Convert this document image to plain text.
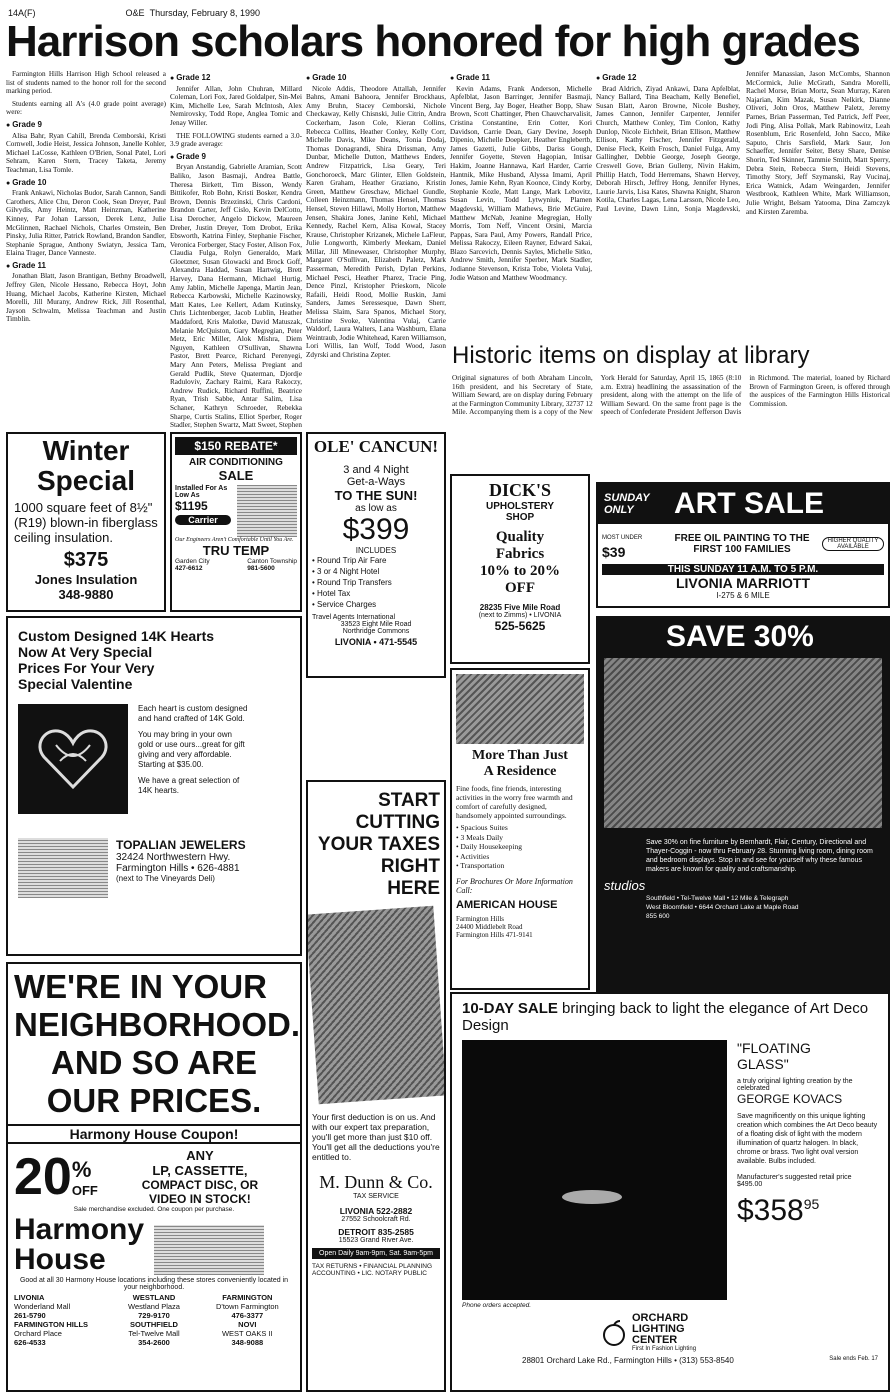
14A(F)	O&E Thursday, February 8, 1990
Harrison scholars honored for high grades

Farmington Hills Harrison High School released a list of students named to the honor roll for the second marking period.

Students earning all A's (4.0 grade point average) were:

● Grade 9

Alisa Bahr, Ryan Cahill, Brenda Cemborski, Kristi Cornwell, Jodie Heist, Jessica Johnson, Janelle Kohler, Michael LaCosse, Kathleen O'Brien, Sonal Patel, Lori Sehram, Karen Stern, Tracey Taketa, Jeremy Teachman, Lisa Tomle.

● Grade 10

Frank Ankawi, Nicholas Budor, Sarah Cannon, Sandi Carothers, Alice Chu, Deron Cook, Sean Dreyer, Paul Gilvydis, Amy Heintz, Matt Heinzman, Katherine Kinney, Par Johan Larsson, Derek Lenz, Julie McGlinnen, Rachael Nichols, Charles Ornstein, Ben Pinsky, Julia Ritter, Patrick Rowland, Brandon Sandler, Stephanie Sprague, Anthony Swiatyn, Jessica Tam, Elaina Trager, Dance Vanneste.

● Grade 11

Jonathan Blatt, Jason Brantigan, Bethny Broadwell, Jeffrey Glen, Nicole Hessano, Rebecca Hoyt, John Huang, Michael Jacobs, Katherine Kirsten, Michael Morelli, Jill Murany, Andrew Rick, Jill Rosenthal, Jayson Schwalm, Melissa Teachman and Justin Timblin.

● Grade 12

Jennifer Allan, John Chuhran, Millard Coleman, Lori Fox, Jared Goldalper, Sin-Mei Kim, Michelle Lee, Sarah McIntosh, Alex Nemirovsky, Todd Rope, Anglea Tomic and Jenay Willer.

THE FOLLOWING students earned a 3.0-3.9 grade average:

● Grade 9

Bryan Anstandig, Gabrielle Aramian, Scott Baliko, Jason Basmaji, Andrea Battle, Theresa Birkett, Tim Bisson, Wendy Bittikofer, Rob Bohn, Kristi Bosker, Kendra Brown, Dennis Brzezinski, Chris Cardoni, Brandon Carter, Jeff Cislo, Kevin DelCotto, Lisa Derocher, Angelo Dickow, Maureen Dreher, Justin Dreyer, Tom Drobot, Erika Ebsworth, Katrina Finley, Stephanie Fischer, Veronica Forberger, Stacy Foster, Alison Fox, Claudia Fulga, Rolyn Generaldo, Mark Gloetzner, Susan Glowacki and Brock Goff, Alexandra Haddad, Susan Hartwig, Brett Harvey, Dana Hermann, Michael Hurtig, Amy Jablin, Michelle Japenga, Martin Jean, Rebecca Karbowski, Michelle Kazinowsky, Matt Kates, Lee Kellert, Adam Kutinsky, Chris Lichtenberger, Jacob Lublin, Heather Maddaford, Kris Malotke, David Matuszak, Melanie McQuiston, Gary Megregian, Peter Metz, Eric Miller, Alok Mishra, Diem Nguyen, Kathleen O'Sullivan, Shawna Pastor, Brett Pearce, Richard Perenyegi, Mary Ann Peters, Melissa Pregiant and Gerald Pudlik, Steve Quaterman, Djordje Raduloviv, Zachary Raimi, Kara Rakoczy, Andrew Rudick, Richard Ruffini, Beatrice Ryan, Trish Sabbe, Antar Salim, Lisa Schaner, Kathryn Schroeder, Rebekka Sharpe, Curtis Stalins, Elliot Sperber, Roger Stadler, Stephen Swartz, Matt Sweet, Stephen

● Grade 10

Nicole Addis, Theodore Attallah, Jennifer Bahns, Amani Bahoora, Jennifer Brockhaus, Amy Bruhn, Stacey Cemborski, Nichole Checkaway, Kelly Chisnski, Julie Citrin, Andra Cockerham, Jason Cole, Kieran Collins, Rebecca Collins, Heather Conley, Kelly Corr, Michelle Davis, Mike Deans, Tonia Dodaj, Thomas Donagrandi, Shira Drissman, Amy Dunbar, Michelle Dutton, Matthews Enders, Andrew Fitzpatrick, Lisa Geary, Teri Gonchoroeck, Marc Glinter, Ellen Goldstein, Karen Graham, Heather Graziano, Kristin Green, Matthew Greschaw, Michael Gundle, Colleen Heinzmann, Thomas Hensel, Thomas Hensel, Steven Hillawi, Molly Horton, Matthew Jensen, Shakira Jones, Janine Kehl, Michael Kennedy, Rachel Kern, Alisa Kowal, Stacey Krause, Christopher Krizanek, Michele LaFleur, Julie Longworth, Kimberly Meekam, Daniel Millar, Jill Mineweaser, Christopher Murphy, Margaret O'Sullivan, Elizabeth Paletz, Mark Passerman, Meredith Perish, Dylan Perkins, Michael Pesci, Heather Pharez, Tracie Ping, Dence Pinzl, Kristopher Prieskorn, Nicole Rafaili, Heidi Rood, Mollie Ruskin, Jami Sanders, James Seressesque, Dawn Sherr, Melissa Slaim, Sara Spanos, Michael Story, Christine Svoke, Valentina Vulaj, Carrie Waldorf, Laura Walters, Lana Washburn, Elana Weintraub, Jodie Whitehead, Karen Williamson, Lori Willis, Ian Wolf, Todd Wood, Jason Zdyrski and Christina Zepter.

● Grade 11

Kevin Adams, Frank Anderson, Michelle Apfelblat, Jason Barringer, Jennifer Basmaji, Vincent Berg, Jay Boger, Heather Bopp, Shaw Brown, Scott Chattinger, Phen Chauvcharvalisit, Cristina Constantine, Erin Cotter, Kori Davidson, Carrie Dean, Gary Devine, Joseph Dipenio, Michelle Doepker, Heather Englebertb, James Gazetti, Julie Gibbs, Dariss Gough, Jennifer Goyette, Steven Hagopian, Intisar Hakim, Joanne Hannawa, Karl Harder, Carrie Hantnik, Mike Husband, Alyssa Imami, April Jones, Jamie Kehn, Ryan Koonce, Cindy Korby, Stephanie Kozle, Matt Lange, Mark Lebovitz, Susan Levin, Todd Lytwyniuk, Plamen Magdevski, William Mathews, Brie McGuire, Matthew McNab, Jeanine Megregian, Holly Morris, Tom Neff, Vincent Orsini, Marcia Pappas, Sara Paul, Amy Powers, Randall Price, Melissa Rakoczy, Eileen Rayner, Edward Sakai, Blazo Sarcevich, Dennis Sayles, Michelle Sitko, Andrew Smith, Jennifer Sperber, Mark Stadler, Jodianne Stevenson, Krista Tobe, Violeta Vulaj, Jodie Watson and Matthew Woodmancy.

● Grade 12

Brad Aldrich, Ziyad Ankawi, Dana Apfelblat, Nancy Ballard, Tina Beacham, Kelly Benefiel, Susan Blatt, Aaron Browne, Nicole Bushey, James Cannon, Jennifer Carpenter, Jennifer Church, Matthew Conley, Tim Conlon, Kathy Dunlop, Nicole Eichheit, Brian Ellison, Matthew Ellison, Kathy Fischer, Jennifer Fitzgerald, Denise Fleck, Keith Frosch, Daniel Fulga, Amy Gallingher, Debbie George, Joseph George, Creswell Gove, Brian Gulleny, Nivin Hakim, Phillip Hatch, Todd Herremans, Shawn Hervey, Deborah Hirsch, Jeffrey Hong, Jennifer Hynes, Laurie Jarvis, Lisa Kates, Shawna Knight, Sharon Kotila, Charles Lagas, Lena Larsson, Nicole Leo, Paul Levine, Dawn Linn, Sonja Magdevski, Jennifer Manassian, Jason McCombs, Shannon McCormick, Julie McGrath, Sandra Morelli, Rachel Morse, Brian Mortz, Sean Murray, Karen Najarian, Kim Mazak, Susan Nelkirk, Dianne Oliveri, John Oros, Matthew Paletz, Jeremy Parnes, Brian Passerman, Ted Patrick, Jeff Peer, Jodi Ping, Alisa Pollak, Mark Rabinowitz, Leah Rosenblum, Eric Rosenfeld, John Sacco, Mike Saputo, Chris Sarsfield, Mark Saur, Jon Schaeffer, Jennifer Seiter, Betsy Share, Denise Shorin, Ted Skinner, Tammie Smith, Matt Sperry, Debra Stein, Rebecca Stern, Heidi Stevens, Timothy Story, Jeff Szymanski, Ray Vucinaj, Erica Watnick, Adam Weingarden, Jennifer Westbrook, Kathleen White, Mark Williamson, Julie Wright, Belsam Yatooma, Dina Zamczyk and Kirsten Zaremba.

Historic items on display at library
Original signatures of both Abraham Lincoln, 16th president, and his Secretary of State, William Seward, are on display during February at the Farmington Community Library, 32737 12 Mile. Accompanying them is a copy of the New York Herald for Saturday, April 15, 1865 (8:10 a.m. Extra) headlining the assassination of the president, along with the attempt on the life of William Seward. On the same front page is the speech of Confederate President Jefferson Davis in Richmond. The material, loaned by Richard Brown of Farmington Green, is offered through the auspices of the Farmington Hills Historical Commission.
Winter
Special
1000 square feet of 8½" (R19) blown-in fiberglass ceiling insulation.
$375
Jones Insulation
348-9880
$150 REBATE*
AIR CONDITIONING
SALE
Installed For As Low As
$1195
Carrier
Our Engineers Aren't Comfortable Until You Are.
TRU TEMP
Garden City
427-6612
Canton Township
981-5600
OLE' CANCUN!
3 and 4 Night
Get-a-Ways
TO THE SUN!
as low as
$399
INCLUDES
• Round Trip Air Fare
• 3 or 4 Night Hotel
• Round Trip Transfers
• Hotel Tax
• Service Charges
Travel Agents International
33523 Eight Mile Road
Northridge Commons
LIVONIA • 471-5545
DICK'S
UPHOLSTERY
SHOP
Quality
Fabrics
10% to 20%
OFF
28235 Five Mile Road
(next to Zimms) • LIVONIA
525-5625
SUNDAY ONLY	ART SALE
MOST UNDER $39
FREE OIL PAINTING TO THE FIRST 100 FAMILIES
HIGHER QUALITY AVAILABLE
THIS SUNDAY 11 A.M. TO 5 P.M.
LIVONIA MARRIOTT
I-275 & 6 MILE
Custom Designed 14K Hearts
Now At Very Special
Prices For Your Very
Special Valentine

Each heart is custom designed and hand crafted of 14K Gold.

You may bring in your own gold or use ours...great for gift giving and very affordable. Starting at $35.00.

We have a great selection of 14K hearts.

TOPALIAN JEWELERS
32424 Northwestern Hwy.
Farmington Hills • 626-4881
(next to The Vineyards Deli)
More Than Just
A Residence
Fine foods, fine friends, interesting activities in the worry free warmth and comfort of carefully designed, handsomely appointed surroundings.
• Spacious Suites
• 3 Meals Daily
• Daily Housekeeping
• Activities
• Transportation
For Brochures Or More Information Call:
AMERICAN HOUSE
Farmington Hills
24400 Middlebelt Road
Farmington Hills 471-9141
SAVE 30%
Save 30% on fine furniture by Bernhardt, Flair, Century, Directional and Thayer-Coggin - now thru February 28. Stunning living room, dining room and bedroom displays. Stop in and see for yourself why these famous makers are known for quality and craftsmanship.
studios
Southfield • Tel-Twelve Mall • 12 Mile & Telegraph
West Bloomfield • 6644 Orchard Lake at Maple Road
855 600
START
CUTTING
YOUR TAXES
RIGHT
HERE
Your first deduction is on us. And with our expert tax preparation, you'll get more than just $10 off. You'll get all the deductions you're entitled to.
M. Dunn & Co.
TAX SERVICE
LIVONIA 522-2882
27552 Schoolcraft Rd.
DETROIT 835-2585
15523 Grand River Ave.
Open Daily 9am-9pm, Sat. 9am-5pm
TAX RETURNS • FINANCIAL PLANNING
ACCOUNTING • LIC. NOTARY PUBLIC
WE'RE IN YOUR
NEIGHBORHOOD.
AND SO ARE
OUR PRICES.
Harmony House Coupon!
20 %
OFF
ANY
LP, CASSETTE,
COMPACT DISC, OR
VIDEO IN STOCK!
Sale merchandise excluded. One coupon per purchase.
Harmony
House
Good at all 30 Harmony House locations including these stores conveniently located in your neighborhood.
LIVONIA
Wonderland Mall
261-5790
WESTLAND
Westland Plaza
729-9170
FARMINGTON
D'town Farmington
476-3377
FARMINGTON HILLS
Orchard Place
626-4533
SOUTHFIELD
Tel-Twelve Mall
354-2600
NOVI
WEST OAKS II
348-9088
10-DAY SALE bringing back to light the elegance of Art Deco Design
"FLOATING
GLASS"
a truly original lighting creation by the celebrated
GEORGE KOVACS
Save magnificently on this unique lighting creation which combines the Art Deco beauty of a floating disk of light with the modern illumination of quartz halogen. In black, chrome or brass. Two light oval version available. Bulbs included.
Manufacturer's suggested retail price $495.00
$\$358^{95}$
Phone orders accepted.
ORCHARD
LIGHTING
CENTER
First In Fashion Lighting
28801 Orchard Lake Rd., Farmington Hills • (313) 553-8540	Sale ends Feb. 17
